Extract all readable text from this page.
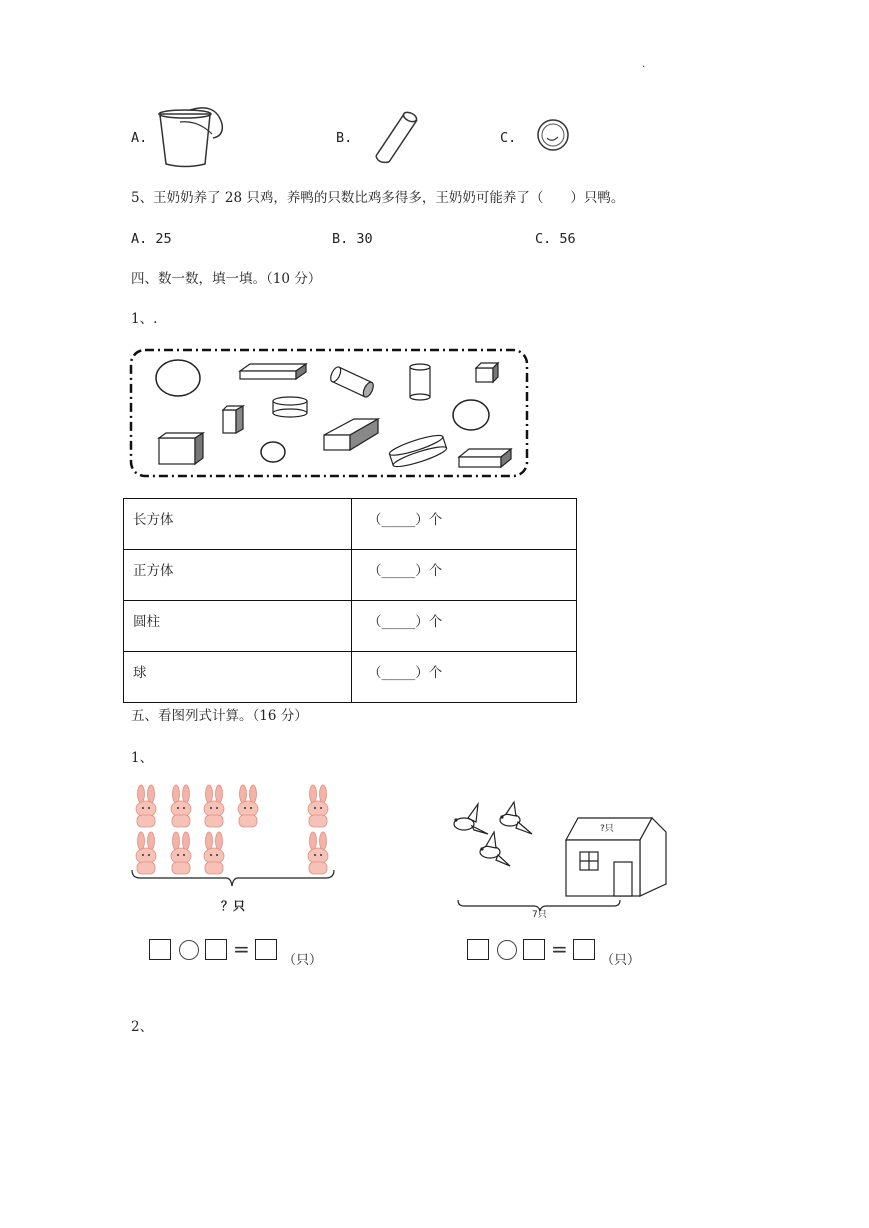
.
A.	B.	C.
5、王奶奶养了 28 只鸡，养鸭的只数比鸡多得多，王奶奶可能养了（　　）只鸭。
A. 25	B. 30	C. 56
四、数一数，填一填。（10 分）
1、.
长方体	（_____）个
正方体	（_____）个
圆柱	（_____）个
球	（_____）个
五、看图列式计算。（16 分）
1、
？只
?只
7只
=	（只）	=	（只）
2、
